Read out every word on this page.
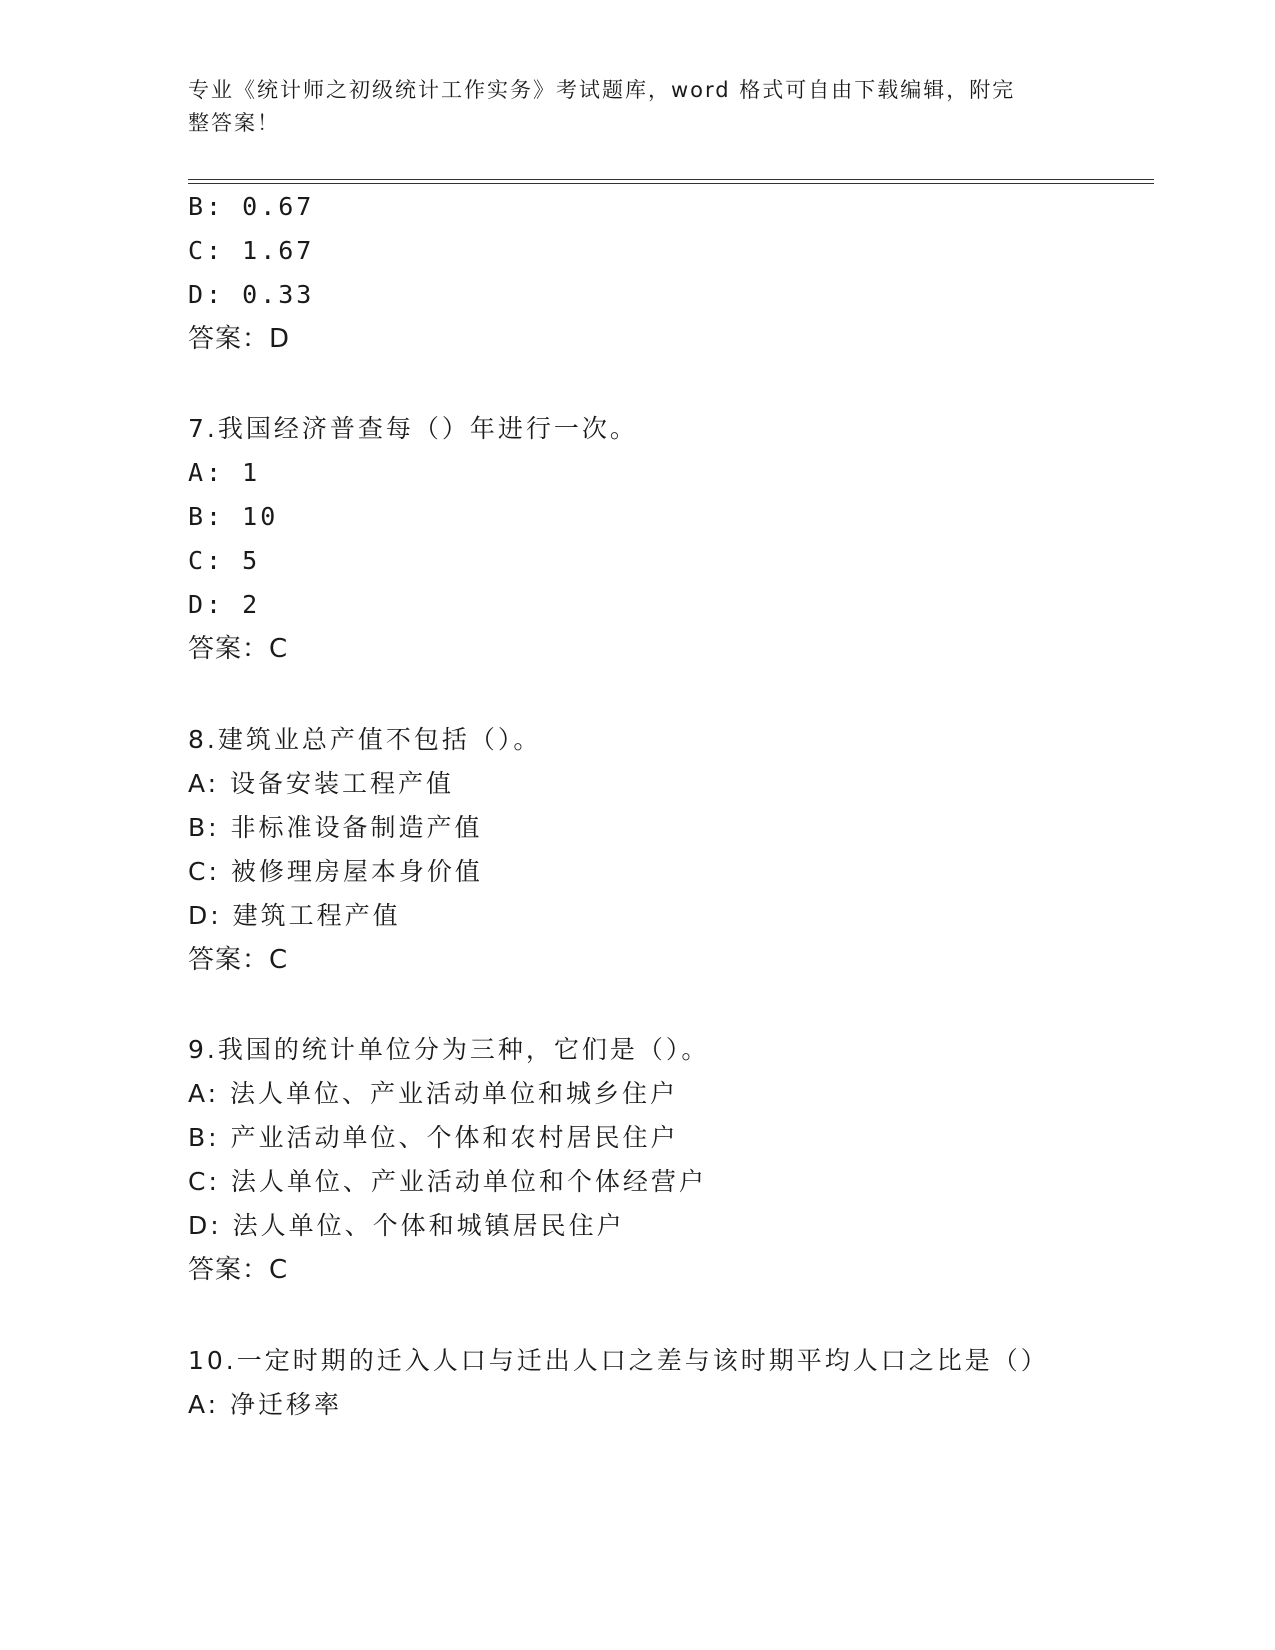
专业《统计师之初级统计工作实务》考试题库，word 格式可自由下载编辑，附完
整答案！
B: 0.67
C: 1.67
D: 0.33
答案：D
7.我国经济普查每（）年进行一次。
A: 1
B: 10
C: 5
D: 2
答案：C
8.建筑业总产值不包括（）。
A: 设备安装工程产值
B: 非标准设备制造产值
C: 被修理房屋本身价值
D: 建筑工程产值
答案：C
9.我国的统计单位分为三种，它们是（）。
A: 法人单位、产业活动单位和城乡住户
B: 产业活动单位、个体和农村居民住户
C: 法人单位、产业活动单位和个体经营户
D: 法人单位、个体和城镇居民住户
答案：C
10.一定时期的迁入人口与迁出人口之差与该时期平均人口之比是（）
A: 净迁移率
